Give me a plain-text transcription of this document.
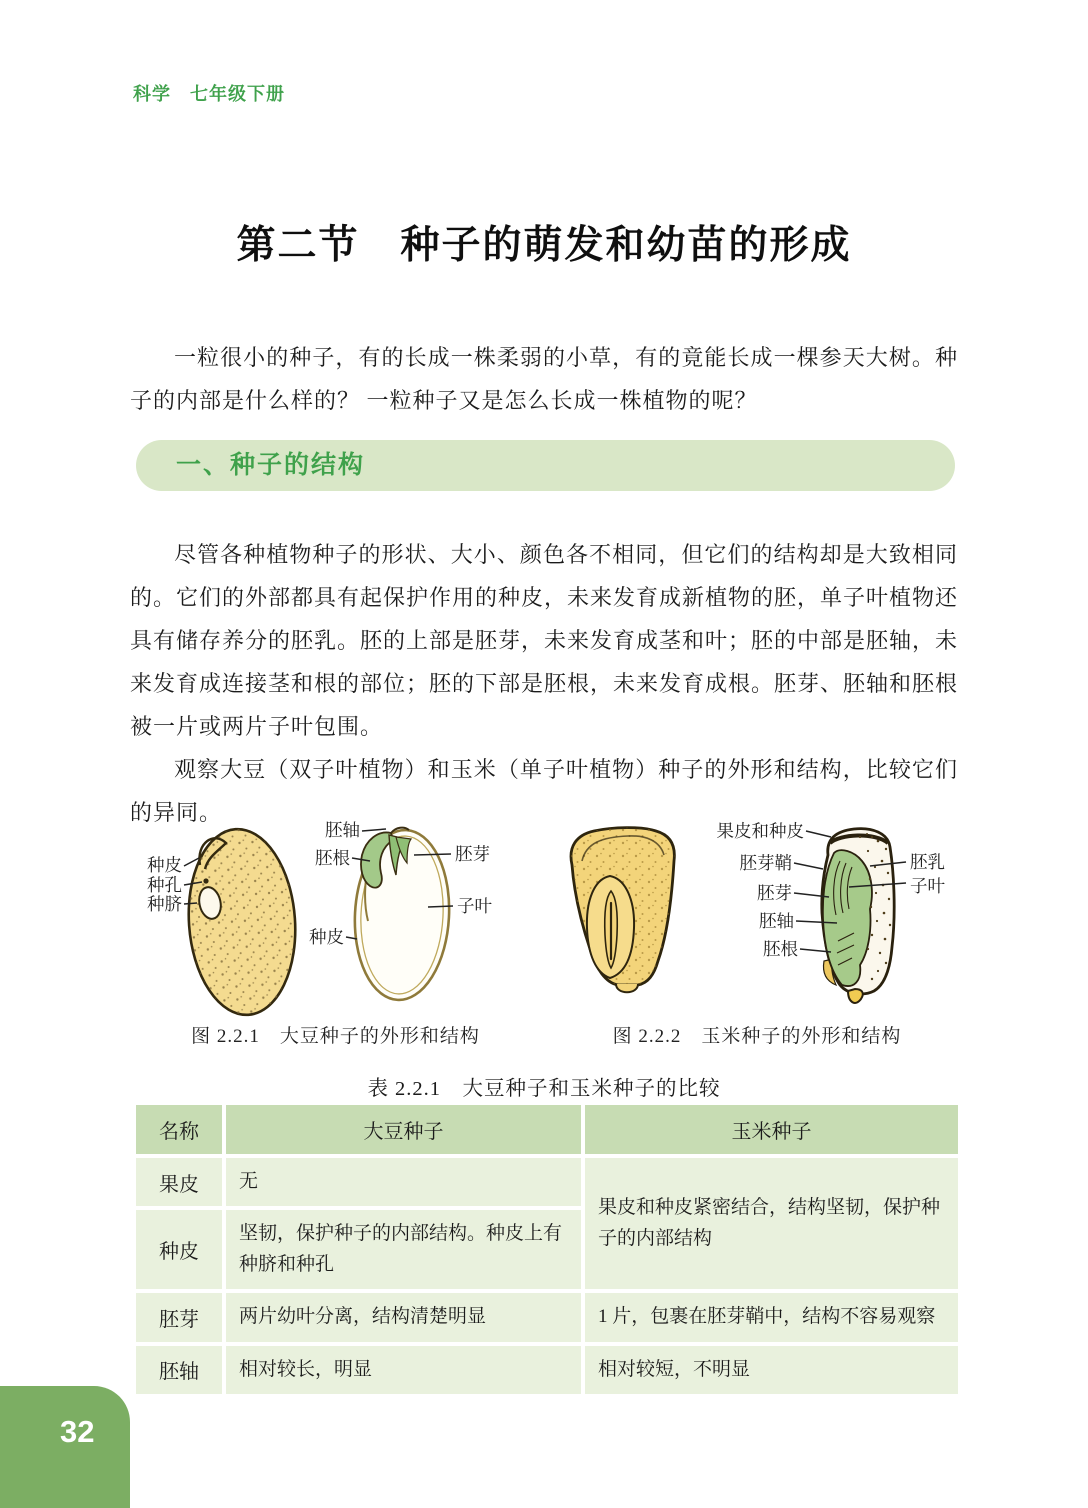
科学　七年级下册
第二节　种子的萌发和幼苗的形成

一粒很小的种子，有的长成一株柔弱的小草，有的竟能长成一棵参天大树。种子的内部是什么样的？ 一粒种子又是怎么长成一株植物的呢？

一、种子的结构

尽管各种植物种子的形状、大小、颜色各不相同，但它们的结构却是大致相同的。它们的外部都具有起保护作用的种皮，未来发育成新植物的胚，单子叶植物还具有储存养分的胚乳。胚的上部是胚芽，未来发育成茎和叶；胚的中部是胚轴，未来发育成连接茎和根的部位；胚的下部是胚根，未来发育成根。胚芽、胚轴和胚根被一片或两片子叶包围。

观察大豆（双子叶植物）和玉米（单子叶植物）种子的外形和结构，比较它们的异同。

种皮
种孔
种脐
胚轴
胚根	胚芽
子叶
种皮
果皮和种皮
胚芽鞘
胚芽
胚轴
胚根
胚乳
子叶
图 2.2.1　大豆种子的外形和结构	图 2.2.2　玉米种子的外形和结构
表 2.2.1　大豆种子和玉米种子的比较
名称	大豆种子	玉米种子
果皮	无	果皮和种皮紧密结合，结构坚韧，保护种子的内部结构
种皮	坚韧，保护种子的内部结构。种皮上有种脐和种孔	
胚芽	两片幼叶分离，结构清楚明显	1 片，包裹在胚芽鞘中，结构不容易观察
胚轴	相对较长，明显	相对较短，不明显
32
